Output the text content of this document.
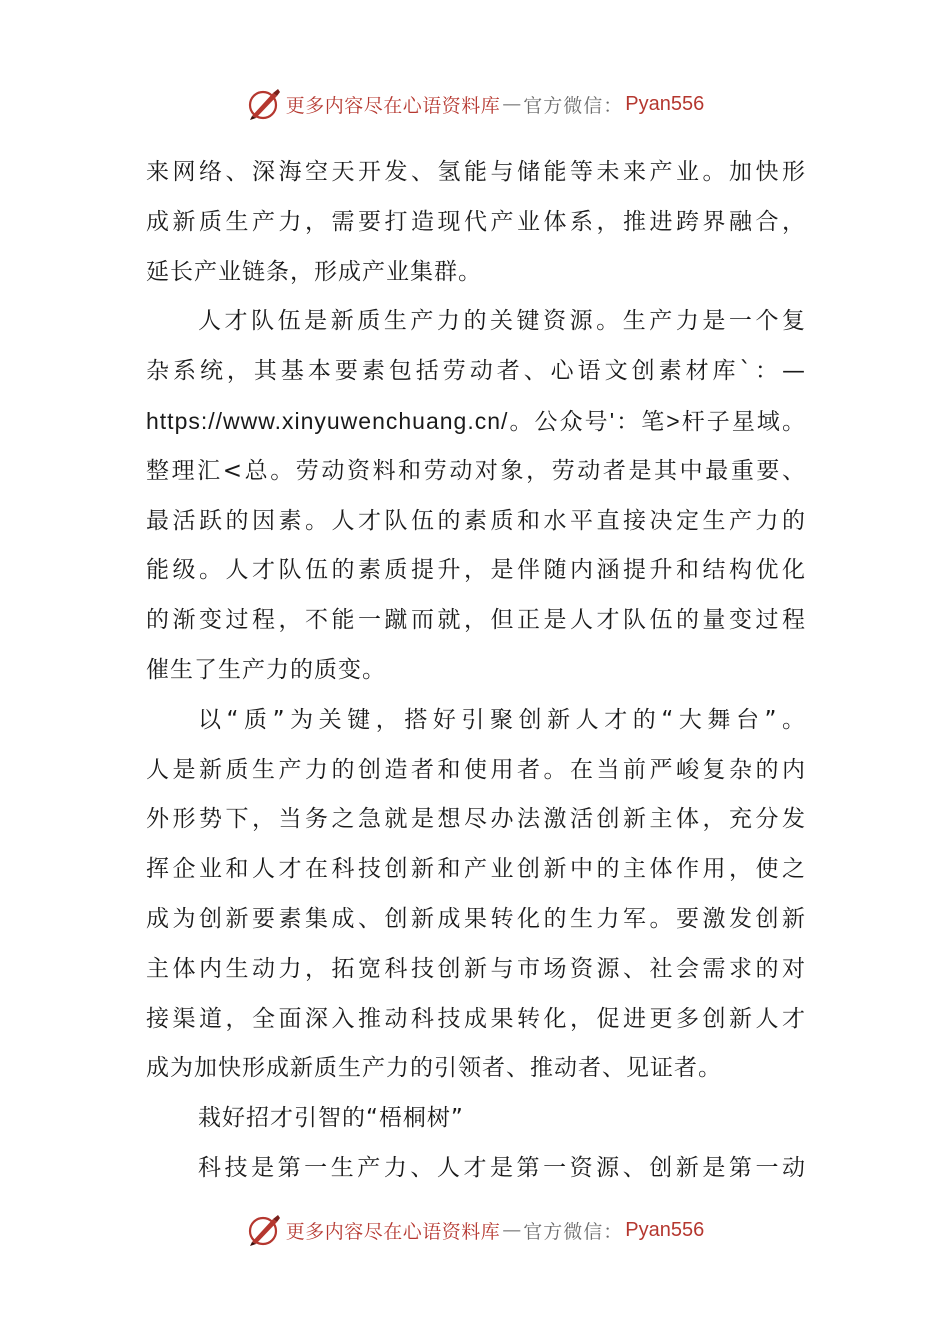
更多内容尽在心语资料库 — 官方微信： Pyan556
来网络、深海空天开发、氢能与储能等未来产业。加快形
成新质生产力，需要打造现代产业体系，推进跨界融合，
延长产业链条，形成产业集群。
人才队伍是新质生产力的关键资源。生产力是一个复
杂系统，其基本要素包括劳动者、心语文创素材库`：—
https://www.xinyuwenchuang.cn/。公众号'：笔>杆子星域。
整理汇<总。劳动资料和劳动对象，劳动者是其中最重要、
最活跃的因素。人才队伍的素质和水平直接决定生产力的
能级。人才队伍的素质提升，是伴随内涵提升和结构优化
的渐变过程，不能一蹴而就，但正是人才队伍的量变过程
催生了生产力的质变。
以“质”为关键，搭好引聚创新人才的“大舞台”。
人是新质生产力的创造者和使用者。在当前严峻复杂的内
外形势下，当务之急就是想尽办法激活创新主体，充分发
挥企业和人才在科技创新和产业创新中的主体作用，使之
成为创新要素集成、创新成果转化的生力军。要激发创新
主体内生动力，拓宽科技创新与市场资源、社会需求的对
接渠道，全面深入推动科技成果转化，促进更多创新人才
成为加快形成新质生产力的引领者、推动者、见证者。
栽好招才引智的“梧桐树”
科技是第一生产力、人才是第一资源、创新是第一动
更多内容尽在心语资料库 — 官方微信： Pyan556
